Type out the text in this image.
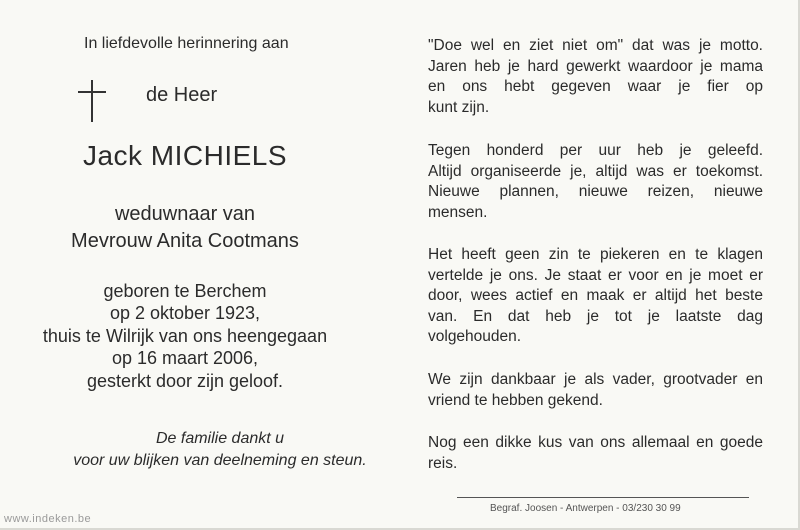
In liefdevolle herinnering aan
de Heer
Jack MICHIELS
weduwnaar van
Mevrouw Anita Cootmans
geboren te Berchem
op 2 oktober 1923,
thuis te Wilrijk van ons heengegaan
op 16 maart 2006,
gesterkt door zijn geloof.
De familie dankt u
voor uw blijken van deelneming en steun.
"Doe wel en ziet niet om" dat was je motto.
Jaren heb je hard gewerkt waardoor je mama
en ons hebt gegeven waar je fier op
kunt zijn.
Tegen honderd per uur heb je geleefd.
Altijd organiseerde je, altijd was er toekomst.
Nieuwe plannen, nieuwe reizen, nieuwe
mensen.
Het heeft geen zin te piekeren en te klagen
vertelde je ons. Je staat er voor en je moet er
door, wees actief en maak er altijd het beste
van. En dat heb je tot je laatste dag
volgehouden.
We zijn dankbaar je als vader, grootvader en
vriend te hebben gekend.
Nog een dikke kus van ons allemaal en goede
reis.
Begraf. Joosen - Antwerpen - 03/230 30 99
www.indeken.be
